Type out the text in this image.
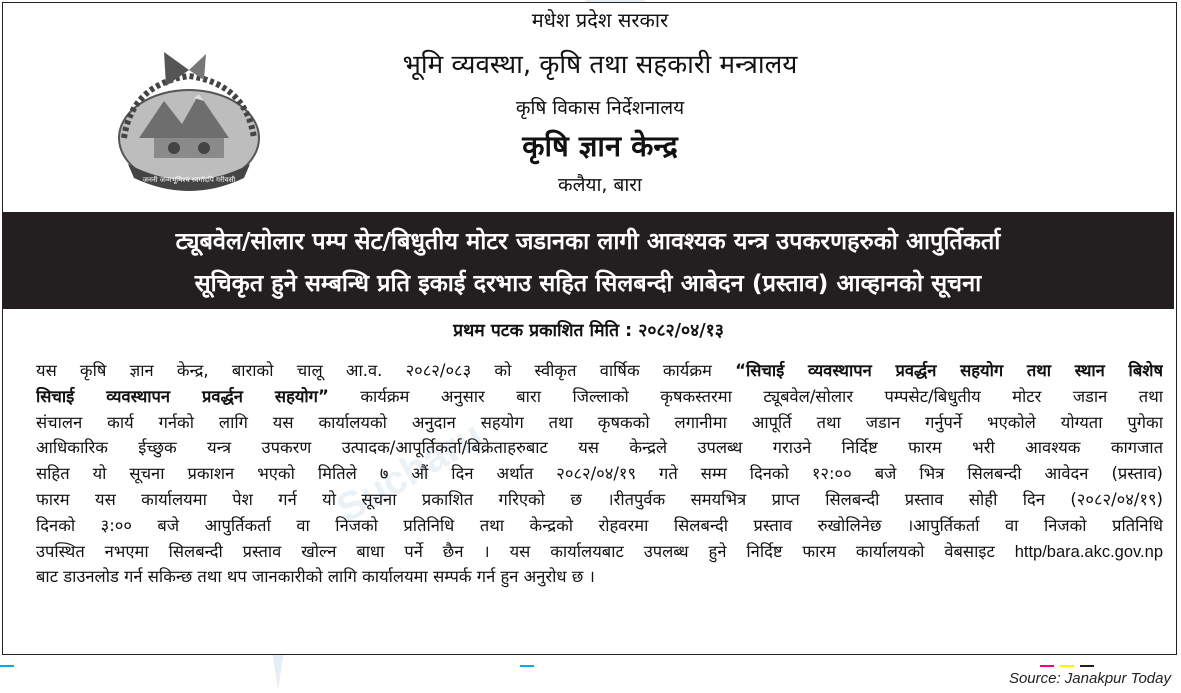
जननी जन्मभूमिश्च स्वर्गादपि गरीयसी
मधेश प्रदेश सरकार
भूमि व्यवस्था, कृषि तथा सहकारी मन्त्रालय
कृषि विकास निर्देशनालय
कृषि ज्ञान केन्द्र
कलैया, बारा
ट्यूबवेल/सोलार पम्प सेट/बिधुतीय मोटर जडानका लागी आवश्यक यन्त्र उपकरणहरुको आपुर्तिकर्ता
सूचिकृत हुने सम्बन्धि प्रति इकाई दरभाउ सहित सिलबन्दी आबेदन (प्रस्ताव) आव्हानको सूचना
प्रथम पटक प्रकाशित मिति : २०८२/०४/१३
Sucharu
यस कृषि ज्ञान केन्द्र, बाराको चालू आ.व. २०८२/०८३ को स्वीकृत वार्षिक कार्यक्रम “सिचाई व्यवस्थापन प्रवर्द्धन सहयोग तथा स्थान बिशेष
सिचाई व्यवस्थापन प्रवर्द्धन सहयोग” कार्यक्रम अनुसार बारा जिल्लाको कृषकस्तरमा ट्यूबवेल/सोलार पम्पसेट/बिधुतीय मोटर जडान तथा
संचालन कार्य गर्नको लागि यस कार्यालयको अनुदान सहयोग तथा कृषकको लगानीमा आपूर्ति तथा जडान गर्नुपर्ने भएकोले योग्यता पुगेका
आधिकारिक ईच्छुक यन्त्र उपकरण उत्पादक/आपूर्तिकर्ता/बिक्रेताहरुबाट यस केन्द्रले उपलब्ध गराउने निर्दिष्ट फारम भरी आवश्यक कागजात
सहित यो सूचना प्रकाशन भएको मितिले ७ औं दिन अर्थात २०८२/०४/१९ गते सम्म दिनको १२:०० बजे भित्र सिलबन्दी आवेदन (प्रस्ताव)
फारम यस कार्यालयमा पेश गर्न यो सूचना प्रकाशित गरिएको छ ।रीतपुर्वक समयभित्र प्राप्त सिलबन्दी प्रस्ताव सोही दिन (२०८२/०४/१९)
दिनको ३:०० बजे आपुर्तिकर्ता वा निजको प्रतिनिधि तथा केन्द्रको रोहवरमा सिलबन्दी प्रस्ताव रुखोलिनेछ ।आपुर्तिकर्ता वा निजको प्रतिनिधि
उपस्थित नभएमा सिलबन्दी प्रस्ताव खोल्न बाधा पर्ने छैन । यस कार्यालयबाट उपलब्ध हुने निर्दिष्ट फारम कार्यालयको वेबसाइट http/bara.akc.gov.np
बाट डाउनलोड गर्न सकिन्छ तथा थप जानकारीको लागि कार्यालयमा सम्पर्क गर्न हुन अनुरोध छ ।
Source: Janakpur Today
